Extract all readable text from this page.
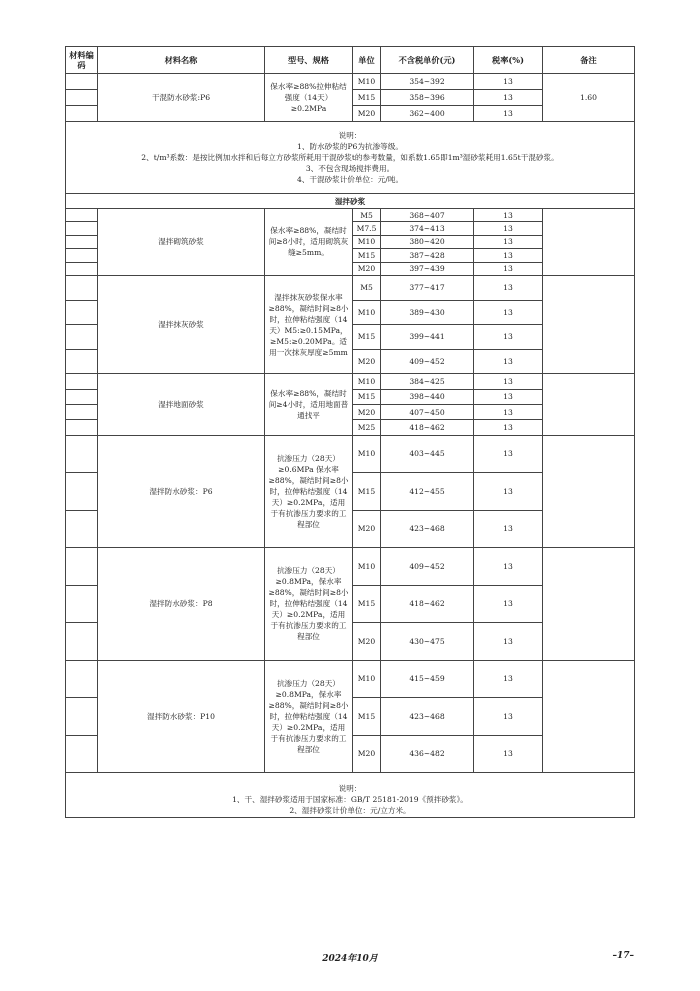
材料编码	材料名称	型号、规格	单位	不含税单价(元)	税率(%)	备注
	干混防水砂浆:P6	保水率≥88%拉伸粘结强度（14天）≥0.2MPa	M10	354~392	13	1.60
			M15	358~396	13	
			M20	362~400	13	

说明：
1、防水砂浆的P6为抗渗等级。
2、t/m³系数：是按比例加水拌和后每立方砂浆所耗用干混砂浆t的参考数量，如系数1.65即1m³湿砂浆耗用1.65t干混砂浆。
3、不包含现场搅拌费用。
4、干混砂浆计价单位：元/吨。						

湿拌砂浆						
	湿拌砌筑砂浆	保水率≥88%，凝结时间≥8小时，适用砌筑灰缝≥5mm。	M5	368~407	13	
			M7.5	374~413	13	
			M10	380~420	13	
			M15	387~428	13	
			M20	397~439	13	
	湿拌抹灰砂浆	湿拌抹灰砂浆保水率≥88%，凝结时间≥8小时，拉伸粘结强度（14天）M5:≥0.15MPa，≥M5:≥0.20MPa。适用一次抹灰厚度≥5mm	M5	377~417	13	
			M10	389~430	13	
			M15	399~441	13	
			M20	409~452	13	
	湿拌地面砂浆	保水率≥88%，凝结时间≥4小时，适用地面普通找平	M10	384~425	13	
			M15	398~440	13	
			M20	407~450	13	
			M25	418~462	13	
	湿拌防水砂浆：P6	抗渗压力（28天）≥0.6MPa 保水率≥88%，凝结时间≥8小时，拉伸粘结强度（14天）≥0.2MPa，适用于有抗渗压力要求的工程部位	M10	403~445	13	
			M15	412~455	13	
			M20	423~468	13	
	湿拌防水砂浆：P8	抗渗压力（28天）≥0.8MPa，保水率≥88%，凝结时间≥8小时，拉伸粘结强度（14天）≥0.2MPa，适用于有抗渗压力要求的工程部位	M10	409~452	13	
			M15	418~462	13	
			M20	430~475	13	
	湿拌防水砂浆：P10	抗渗压力（28天）≥0.8MPa，保水率≥88%，凝结时间≥8小时，拉伸粘结强度（14天）≥0.2MPa，适用于有抗渗压力要求的工程部位	M10	415~459	13	
			M15	423~468	13	
			M20	436~482	13	

说明：
1、干、湿拌砂浆适用于国家标准：GB/T 25181-2019《预拌砂浆》。
2、湿拌砂浆计价单位：元/立方米。						
2024年10月	–17–
